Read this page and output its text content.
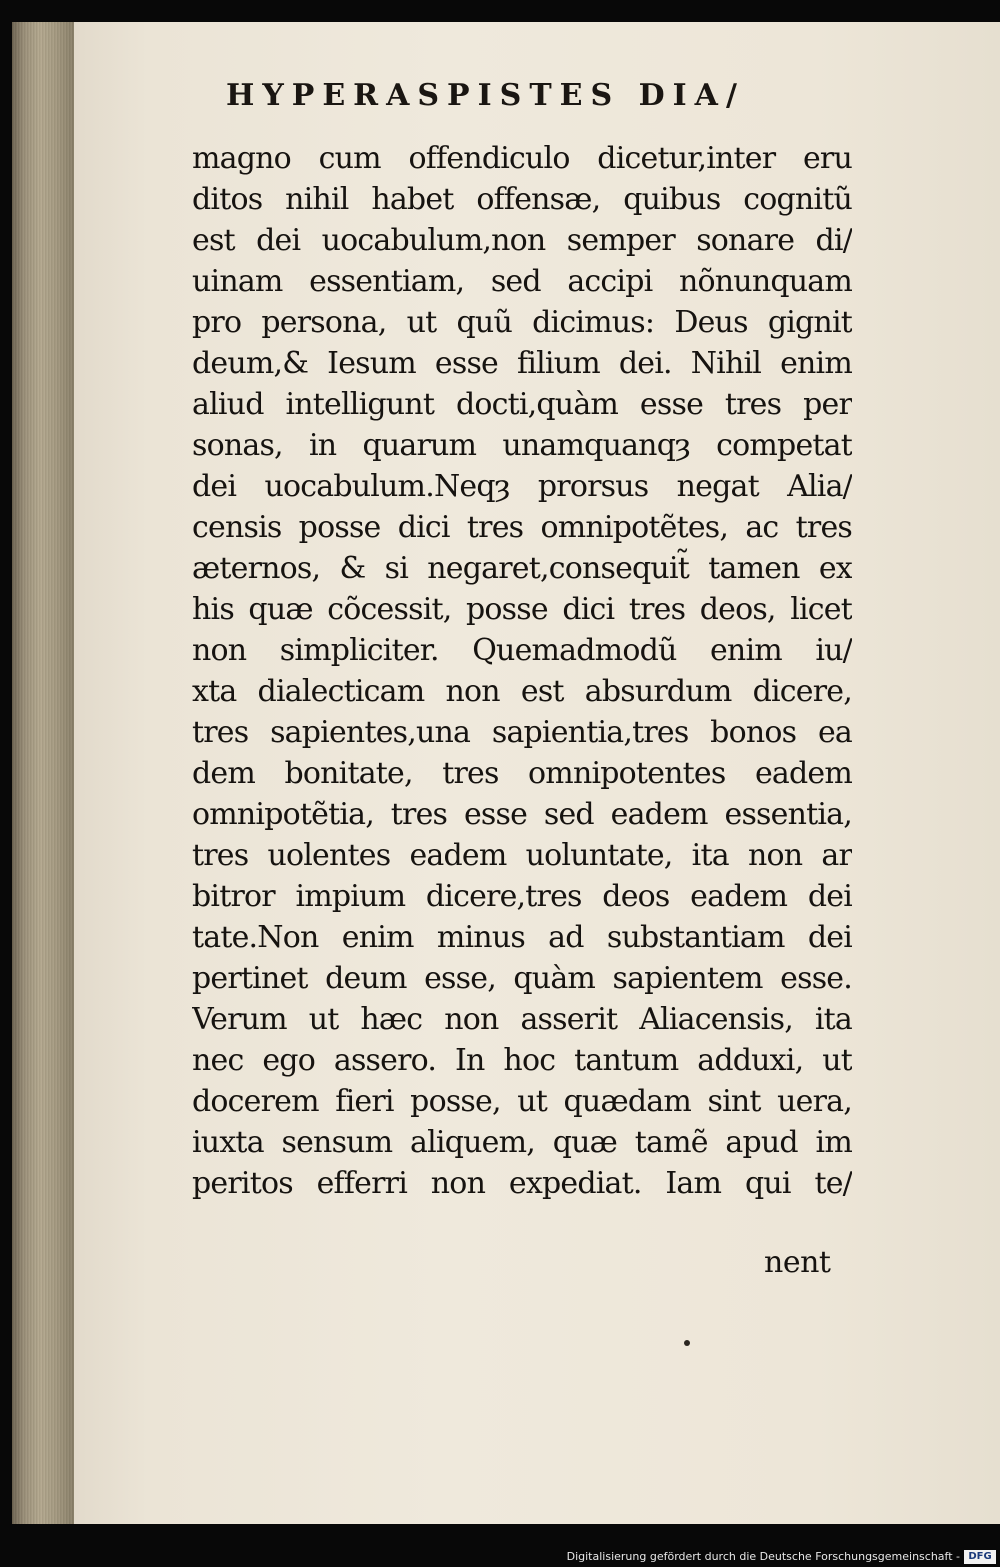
HYPERASPISTES DIA/
magno cum offendiculo dicetur,inter eru
ditos nihil habet offensæ, quibus cognitũ
est dei uocabulum,non semper sonare di/
uinam essentiam, sed accipi nõnunquam
pro persona, ut quũ dicimus: Deus gignit
deum,& Iesum esse filium dei. Nihil enim
aliud intelligunt docti,quàm esse tres per
sonas, in quarum unamquanqȝ competat
dei uocabulum.Neqȝ prorsus negat Alia/
censis posse dici tres omnipotẽtes, ac tres
æternos, & si negaret,consequit̃ tamen ex
his quæ cõcessit, posse dici tres deos, licet
non simpliciter. Quemadmodũ enim iu/
xta dialecticam non est absurdum dicere,
tres sapientes,una sapientia,tres bonos ea
dem bonitate, tres omnipotentes eadem
omnipotẽtia, tres esse sed eadem essentia,
tres uolentes eadem uoluntate, ita non ar
bitror impium dicere,tres deos eadem dei
tate.Non enim minus ad substantiam dei
pertinet deum esse, quàm sapientem esse.
Verum ut hæc non asserit Aliacensis, ita
nec ego assero. In hoc tantum adduxi, ut
docerem fieri posse, ut quædam sint uera,
iuxta sensum aliquem, quæ tamẽ apud im
peritos efferri non expediat. Iam qui te/
nent
Digitalisierung gefördert durch die Deutsche Forschungsgemeinschaft - DFG
